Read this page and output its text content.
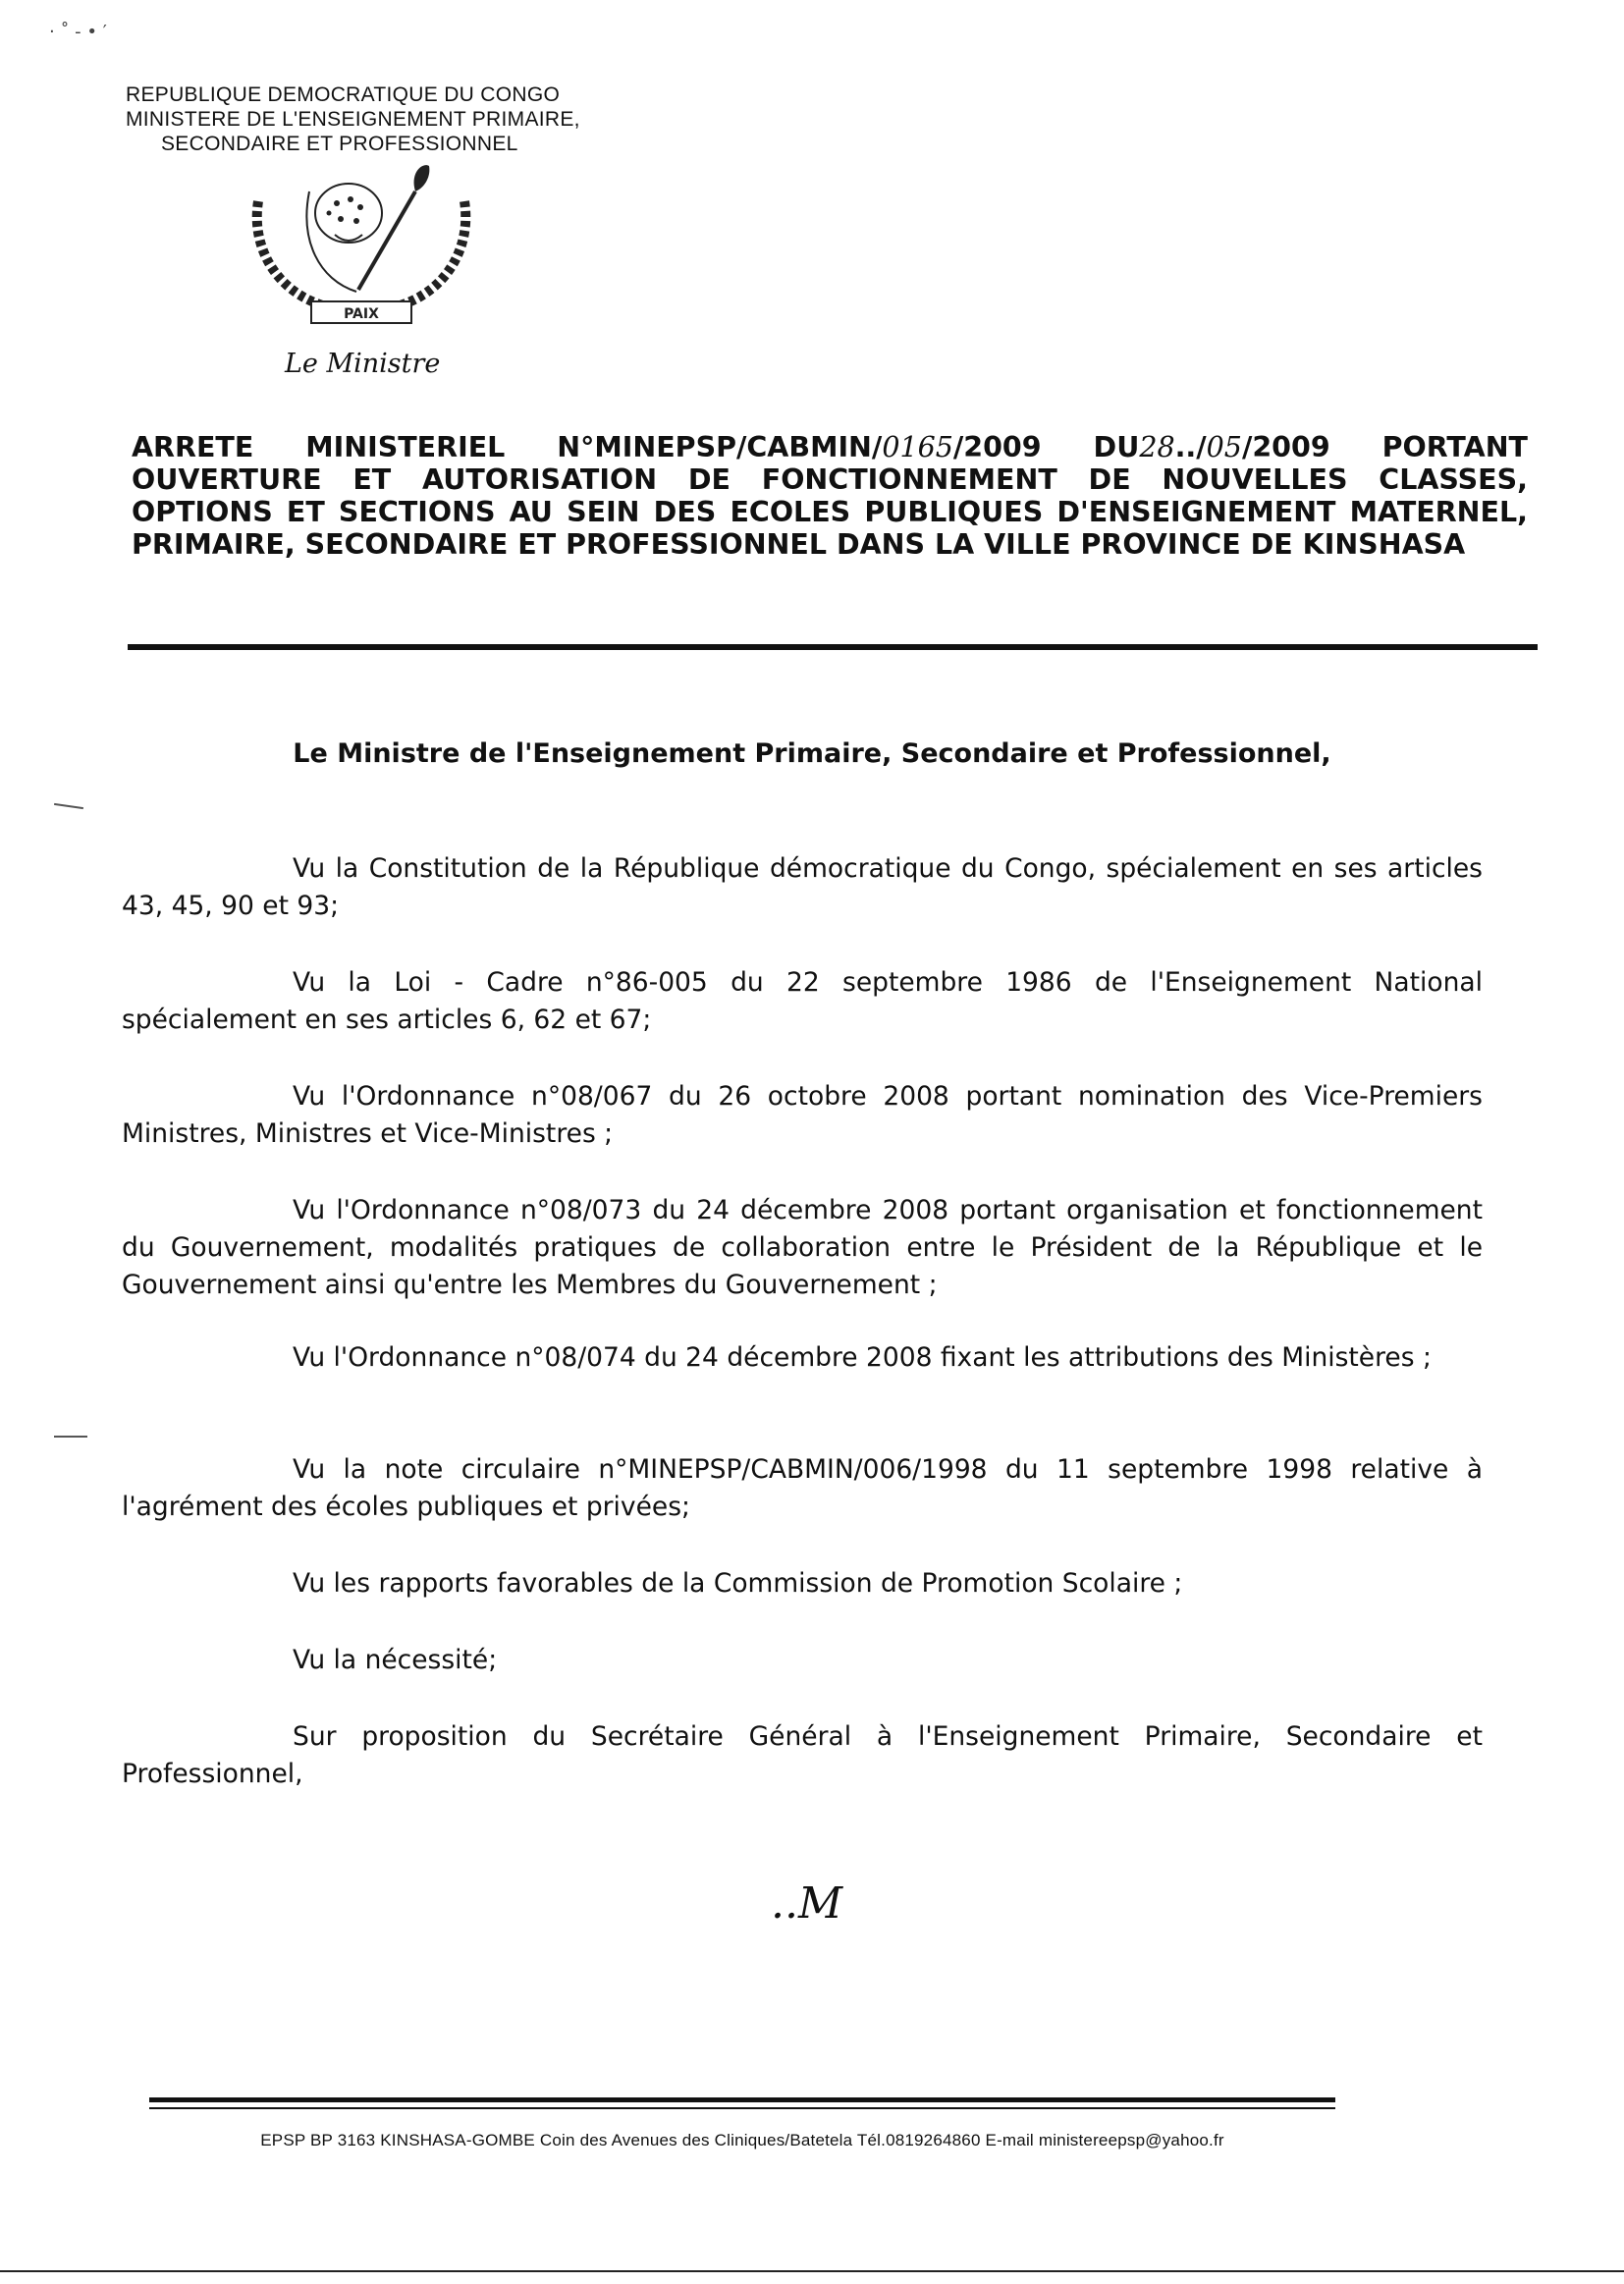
⋅ ˚ - • ′
REPUBLIQUE DEMOCRATIQUE DU CONGO
MINISTERE DE L'ENSEIGNEMENT PRIMAIRE,
SECONDAIRE ET PROFESSIONNEL
PAIX
Le Ministre
ARRETE MINISTERIEL N°MINEPSP/CABMIN/0165/2009 DU28../05/2009 PORTANT OUVERTURE ET AUTORISATION DE FONCTIONNEMENT DE NOUVELLES CLASSES, OPTIONS ET SECTIONS AU SEIN DES ECOLES PUBLIQUES D'ENSEIGNEMENT MATERNEL, PRIMAIRE, SECONDAIRE ET PROFESSIONNEL DANS LA VILLE PROVINCE DE KINSHASA
Le Ministre de l'Enseignement Primaire, Secondaire et Professionnel,

Vu la Constitution de la République démocratique du Congo, spécialement en ses articles 43, 45, 90 et 93;

Vu la Loi - Cadre n°86-005 du 22 septembre 1986 de l'Enseignement National spécialement en ses articles 6, 62 et 67;

Vu l'Ordonnance n°08/067 du 26 octobre 2008 portant nomination des Vice-Premiers Ministres, Ministres et Vice-Ministres ;

Vu l'Ordonnance n°08/073 du 24 décembre 2008 portant organisation et fonctionnement du Gouvernement, modalités pratiques de collaboration entre le Président de la République et le Gouvernement ainsi qu'entre les Membres du Gouvernement ;

Vu l'Ordonnance n°08/074 du 24 décembre 2008 fixant les attributions des Ministères ;

Vu la note circulaire n°MINEPSP/CABMIN/006/1998 du 11 septembre 1998 relative à l'agrément des écoles publiques et privées;

Vu les rapports favorables de la Commission de Promotion Scolaire ;

Vu la nécessité;

Sur proposition du Secrétaire Général à l'Enseignement Primaire, Secondaire et Professionnel,

..M
EPSP BP 3163 KINSHASA-GOMBE Coin des Avenues des Cliniques/Batetela Tél.0819264860 E-mail ministereepsp@yahoo.fr
